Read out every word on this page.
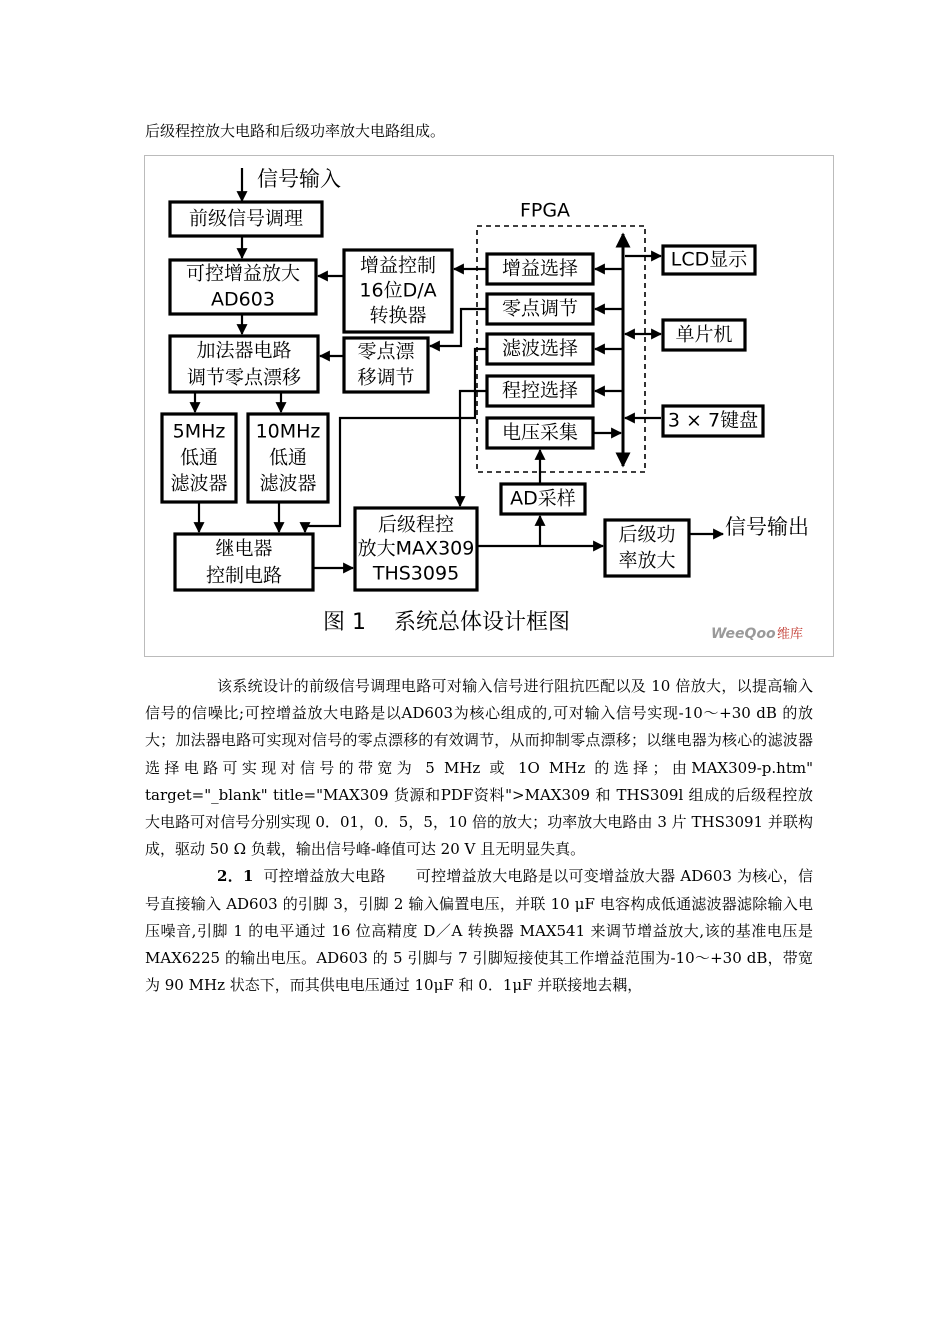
后级程控放大电路和后级功率放大电路组成。

FPGA
信号输入
前级信号调理
可控增益放大
AD603
加法器电路
调节零点漂移
5MHz
低通
滤波器
10MHz
低通
滤波器
继电器
控制电路
增益控制
16位D/A
转换器
零点漂
移调节
增益选择
零点调节
滤波选择
程控选择
电压采集
LCD显示
单片机
3 × 7键盘
AD采样
后级程控
放大MAX309
THS3095
后级功
率放大
信号输出
图 1    系统总体设计框图	WeeQoo 维库

该系统设计的前级信号调理电路可对输入信号进行阻抗匹配以及 10 倍放大，以提高输入信号的信噪比;可控增益放大电路是以AD603为核心组成的,可对输入信号实现-10～+30 dB 的放大；加法器电路可实现对信号的零点漂移的有效调节，从而抑制零点漂移；以继电器为核心的滤波器选择电路可实现对信号的带宽为 5 MHz 或 1O MHz 的选择；由MAX309-p.htm" target="_blank" title="MAX309 货源和PDF资料">MAX309 和 THS309l 组成的后级程控放大电路可对信号分别实现 0．01，0．5，5，10 倍的放大；功率放大电路由 3 片 THS3091 并联构成，驱动 50 Ω 负载，输出信号峰-峰值可达 20 V 且无明显失真。

2．1 可控增益放大电路 可控增益放大电路是以可变增益放大器 AD603 为核心，信号直接输入 AD603 的引脚 3，引脚 2 输入偏置电压，并联 10 μF 电容构成低通滤波器滤除输入电压噪音,引脚 1 的电平通过 16 位高精度 D／A 转换器 MAX541 来调节增益放大,该的基准电压是 MAX6225 的输出电压。AD603 的 5 引脚与 7 引脚短接使其工作增益范围为-10～+30 dB，带宽为 90 MHz 状态下，而其供电电压通过 10μF 和 0．1μF 并联接地去耦，
